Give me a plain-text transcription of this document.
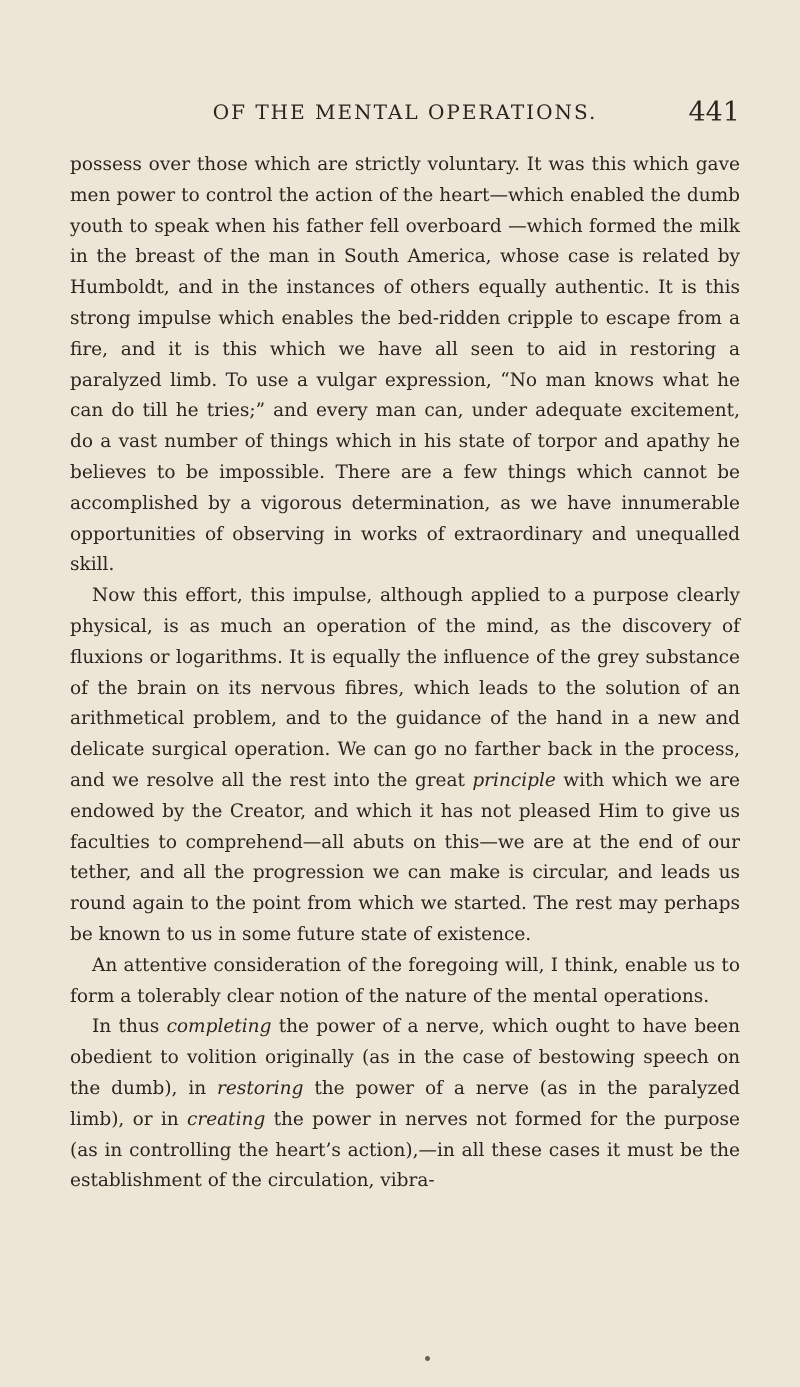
OF THE MENTAL OPERATIONS.	441

possess over those which are strictly voluntary. It was this which gave men power to control the action of the heart—which enabled the dumb youth to speak when his father fell overboard —which formed the milk in the breast of the man in South America, whose case is related by Humboldt, and in the instances of others equally authentic. It is this strong impulse which enables the bed-ridden cripple to escape from a fire, and it is this which we have all seen to aid in restoring a paralyzed limb. To use a vulgar expression, “No man knows what he can do till he tries;” and every man can, under adequate excitement, do a vast number of things which in his state of torpor and apathy he believes to be impossible. There are a few things which cannot be accomplished by a vigorous determination, as we have innumerable opportunities of observing in works of extraordinary and unequalled skill.

Now this effort, this impulse, although applied to a purpose clearly physical, is as much an operation of the mind, as the discovery of fluxions or logarithms. It is equally the influence of the grey substance of the brain on its nervous fibres, which leads to the solution of an arithmetical problem, and to the guidance of the hand in a new and delicate surgical operation. We can go no farther back in the process, and we resolve all the rest into the great principle with which we are endowed by the Creator, and which it has not pleased Him to give us faculties to comprehend—all abuts on this—we are at the end of our tether, and all the progression we can make is circular, and leads us round again to the point from which we started. The rest may perhaps be known to us in some future state of existence.

An attentive consideration of the foregoing will, I think, enable us to form a tolerably clear notion of the nature of the mental operations.

In thus completing the power of a nerve, which ought to have been obedient to volition originally (as in the case of bestowing speech on the dumb), in restoring the power of a nerve (as in the paralyzed limb), or in creating the power in nerves not formed for the purpose (as in controlling the heart’s action),—in all these cases it must be the establishment of the circulation, vibra-
